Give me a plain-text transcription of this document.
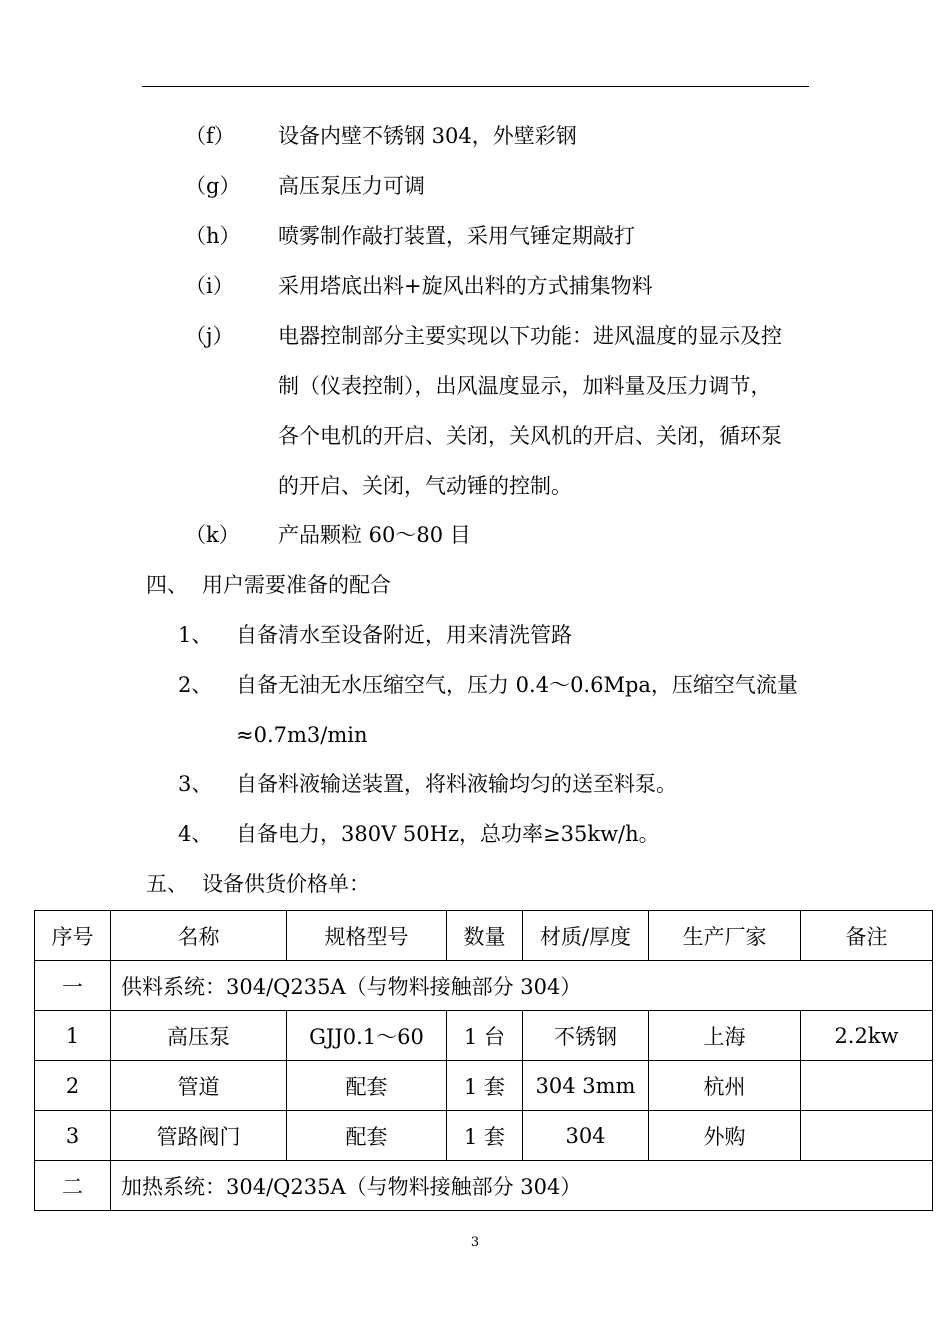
（f） 设备内壁不锈钢 304，外壁彩钢
（g） 高压泵压力可调
（h） 喷雾制作敲打装置，采用气锤定期敲打
（i） 采用塔底出料+旋风出料的方式捕集物料
（j） 电器控制部分主要实现以下功能：进风温度的显示及控
制（仪表控制），出风温度显示，加料量及压力调节，
各个电机的开启、关闭，关风机的开启、关闭，循环泵
的开启、关闭，气动锤的控制。
（k） 产品颗粒 60～80 目
四、 用户需要准备的配合
1、 自备清水至设备附近，用来清洗管路
2、 自备无油无水压缩空气，压力 0.4～0.6Mpa，压缩空气流量
≈0.7m3/min
3、 自备料液输送装置，将料液输均匀的送至料泵。
4、 自备电力，380V 50Hz，总功率≥35kw/h。
五、 设备供货价格单：
序号	名称	规格型号	数量	材质/厚度	生产厂家	备注
一	供料系统：304/Q235A（与物料接触部分 304）					
1	高压泵	GJJ0.1～60	1 台	不锈钢	上海	2.2kw
2	管道	配套	1 套	304 3mm	杭州	
3	管路阀门	配套	1 套	304	外购	
二	加热系统：304/Q235A（与物料接触部分 304）					
3
